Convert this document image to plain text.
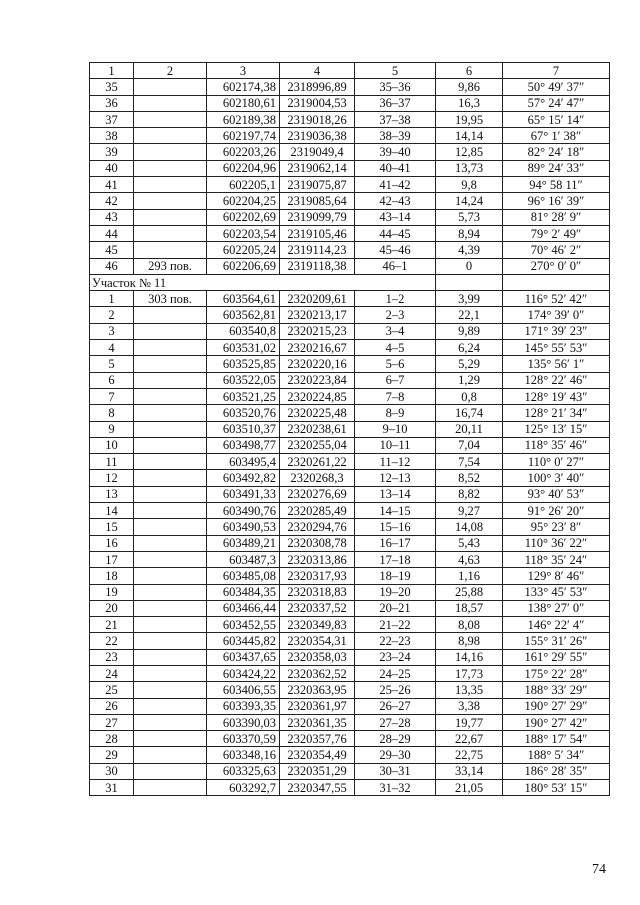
1	2	3	4	5	6	7
35		602174,38	2318996,89	35–36	9,86	50° 49′ 37″
36		602180,61	2319004,53	36–37	16,3	57° 24′ 47″
37		602189,38	2319018,26	37–38	19,95	65° 15′ 14″
38		602197,74	2319036,38	38–39	14,14	67° 1′ 38″
39		602203,26	2319049,4	39–40	12,85	82° 24′ 18″
40		602204,96	2319062,14	40–41	13,73	89° 24′ 33″
41		602205,1	2319075,87	41–42	9,8	94° 58 11″
42		602204,25	2319085,64	42–43	14,24	96° 16′ 39″
43		602202,69	2319099,79	43–14	5,73	81° 28′ 9″
44		602203,54	2319105,46	44–45	8,94	79° 2′ 49″
45		602205,24	2319114,23	45–46	4,39	70° 46′ 2″
46	293 пов.	602206,69	2319118,38	46–1	0	270° 0′ 0″
Участок № 11						
1	303 пов.	603564,61	2320209,61	1–2	3,99	116° 52′ 42″
2		603562,81	2320213,17	2–3	22,1	174° 39′ 0″
3		603540,8	2320215,23	3–4	9,89	171° 39′ 23″
4		603531,02	2320216,67	4–5	6,24	145° 55′ 53″
5		603525,85	2320220,16	5–6	5,29	135° 56′ 1″
6		603522,05	2320223,84	6–7	1,29	128° 22′ 46″
7		603521,25	2320224,85	7–8	0,8	128° 19′ 43″
8		603520,76	2320225,48	8–9	16,74	128° 21′ 34″
9		603510,37	2320238,61	9–10	20,11	125° 13′ 15″
10		603498,77	2320255,04	10–11	7,04	118° 35′ 46″
11		603495,4	2320261,22	11–12	7,54	110° 0′ 27″
12		603492,82	2320268,3	12–13	8,52	100° 3′ 40″
13		603491,33	2320276,69	13–14	8,82	93° 40′ 53″
14		603490,76	2320285,49	14–15	9,27	91° 26′ 20″
15		603490,53	2320294,76	15–16	14,08	95° 23′ 8″
16		603489,21	2320308,78	16–17	5,43	110° 36′ 22″
17		603487,3	2320313,86	17–18	4,63	118° 35′ 24″
18		603485,08	2320317,93	18–19	1,16	129° 8′ 46″
19		603484,35	2320318,83	19–20	25,88	133° 45′ 53″
20		603466,44	2320337,52	20–21	18,57	138° 27′ 0″
21		603452,55	2320349,83	21–22	8,08	146° 22′ 4″
22		603445,82	2320354,31	22–23	8,98	155° 31′ 26″
23		603437,65	2320358,03	23–24	14,16	161° 29′ 55″
24		603424,22	2320362,52	24–25	17,73	175° 22′ 28″
25		603406,55	2320363,95	25–26	13,35	188° 33′ 29″
26		603393,35	2320361,97	26–27	3,38	190° 27′ 29″
27		603390,03	2320361,35	27–28	19,77	190° 27′ 42″
28		603370,59	2320357,76	28–29	22,67	188° 17′ 54″
29		603348,16	2320354,49	29–30	22,75	188° 5′ 34″
30		603325,63	2320351,29	30–31	33,14	186° 28′ 35″
31		603292,7	2320347,55	31–32	21,05	180° 53′ 15″
74
